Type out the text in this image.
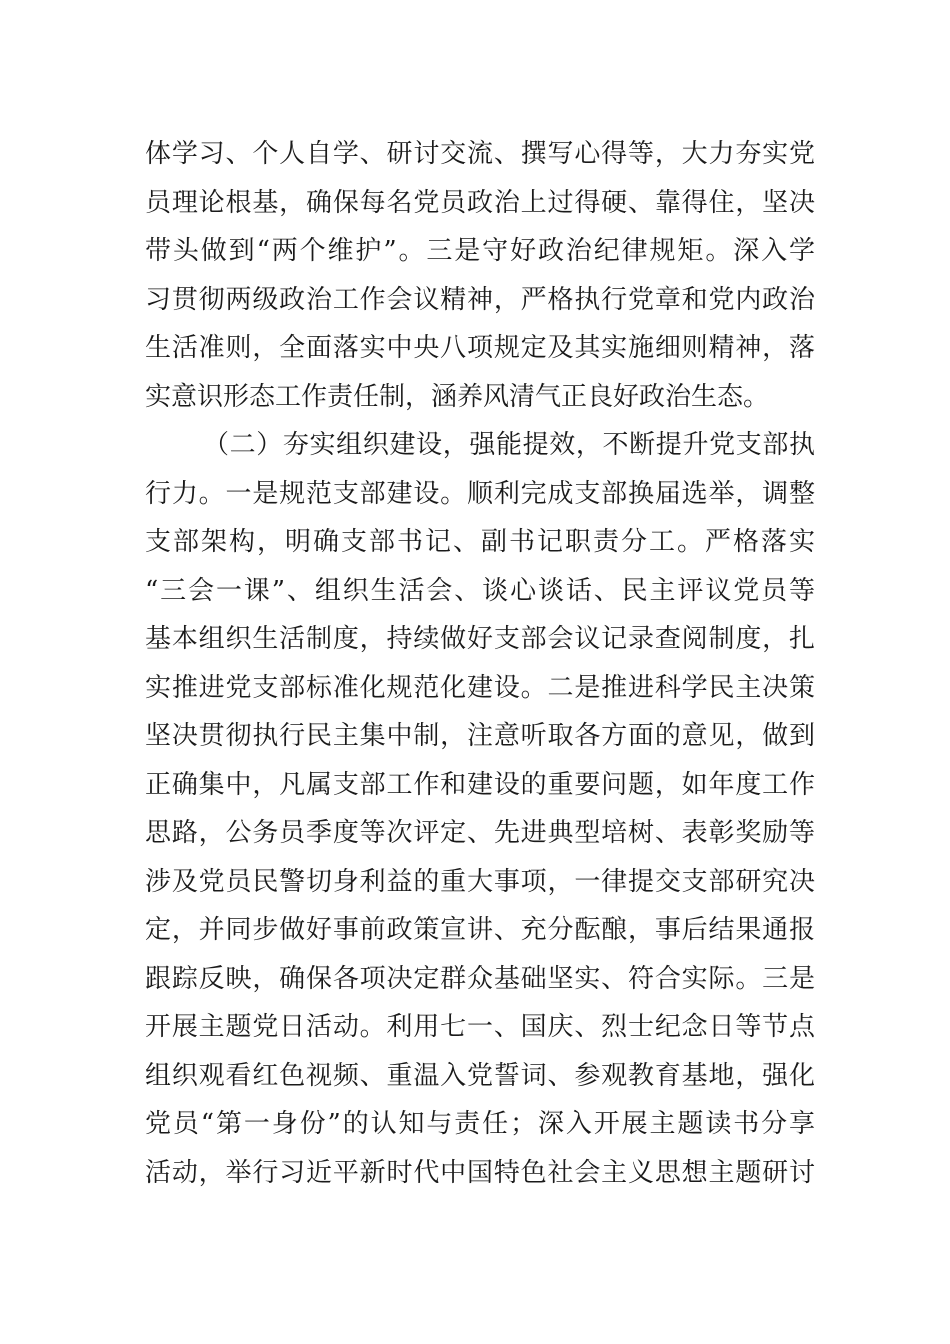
体学习、个人自学、研讨交流、撰写心得等，大力夯实党
员理论根基，确保每名党员政治上过得硬、靠得住，坚决
带头做到“两个维护”。三是守好政治纪律规矩。深入学
习贯彻两级政治工作会议精神，严格执行党章和党内政治
生活准则，全面落实中央八项规定及其实施细则精神，落
实意识形态工作责任制，涵养风清气正良好政治生态。
（二）夯实组织建设，强能提效，不断提升党支部执
行力。一是规范支部建设。顺利完成支部换届选举，调整
支部架构，明确支部书记、副书记职责分工。严格落实
“三会一课”、组织生活会、谈心谈话、民主评议党员等
基本组织生活制度，持续做好支部会议记录查阅制度，扎
实推进党支部标准化规范化建设。二是推进科学民主决策
坚决贯彻执行民主集中制，注意听取各方面的意见，做到
正确集中，凡属支部工作和建设的重要问题，如年度工作
思路，公务员季度等次评定、先进典型培树、表彰奖励等
涉及党员民警切身利益的重大事项，一律提交支部研究决
定，并同步做好事前政策宣讲、充分酝酿，事后结果通报
跟踪反映，确保各项决定群众基础坚实、符合实际。三是
开展主题党日活动。利用七一、国庆、烈士纪念日等节点
组织观看红色视频、重温入党誓词、参观教育基地，强化
党员“第一身份”的认知与责任；深入开展主题读书分享
活动，举行习近平新时代中国特色社会主义思想主题研讨
